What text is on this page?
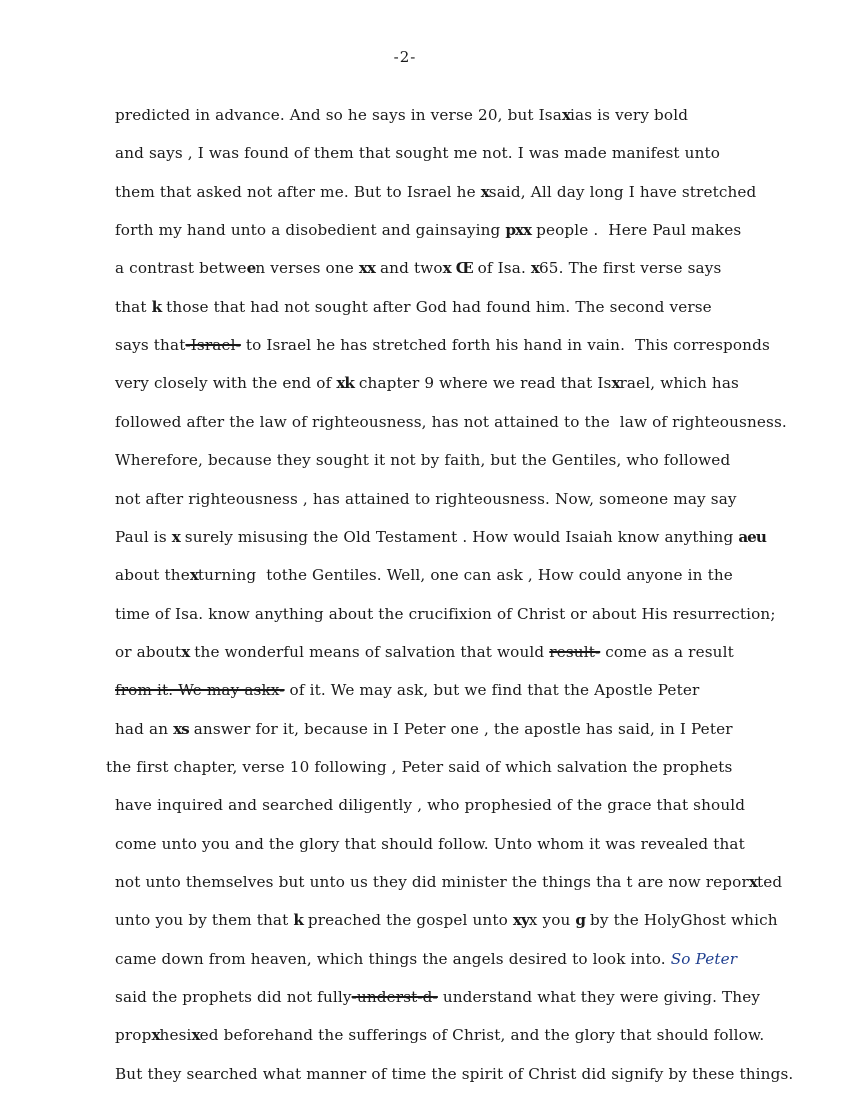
-2-
predicted in advance. And so he says in verse 20, but Isaxias is very bold
and says , I was found of them that sought me not. I was made manifest unto
them that asked not after me. But to Israel he xsaid, All day long I have stretched
forth my hand unto a disobedient and gainsaying pxx people .  Here Paul makes
a contrast between verses one xx and twox Œ of Isa. x65. The first verse says
that k those that had not sought after God had found him. The second verse
says that-Israel- to Israel he has stretched forth his hand in vain.  This corresponds
very closely with the end of xk chapter 9 where we read that Isxrael, which has
followed after the law of righteousness, has not attained to the  law of righteousness.
Wherefore, because they sought it not by faith, but the Gentiles, who followed
not after righteousness , has attained to righteousness. Now, someone may say
Paul is x surely misusing the Old Testament . How would Isaiah know anything aeu
about thexturning  tothe Gentiles. Well, one can ask , How could anyone in the
time of Isa. know anything about the crucifixion of Christ or about His resurrection;
or aboutx the wonderful means of salvation that would result- come as a result
from it. We may askx- of it. We may ask, but we find that the Apostle Peter
had an xs answer for it, because in I Peter one , the apostle has said, in I Peter
the first chapter, verse 10 following , Peter said of which salvation the prophets
have inquired and searched diligently , who prophesied of the grace that should
come unto you and the glory that should follow. Unto whom it was revealed that
not unto themselves but unto us they did minister the things tha t are now reporxted
unto you by them that k preached the gospel unto xyx you g by the HolyGhost which
came down from heaven, which things the angels desired to look into. So Peter
said the prophets did not fully-underst-d- understand what they were giving. They
propxhesixed beforehand the sufferings of Christ, and the glory that should follow.
But they searched what manner of time the spirit of Christ did signify by these things.
